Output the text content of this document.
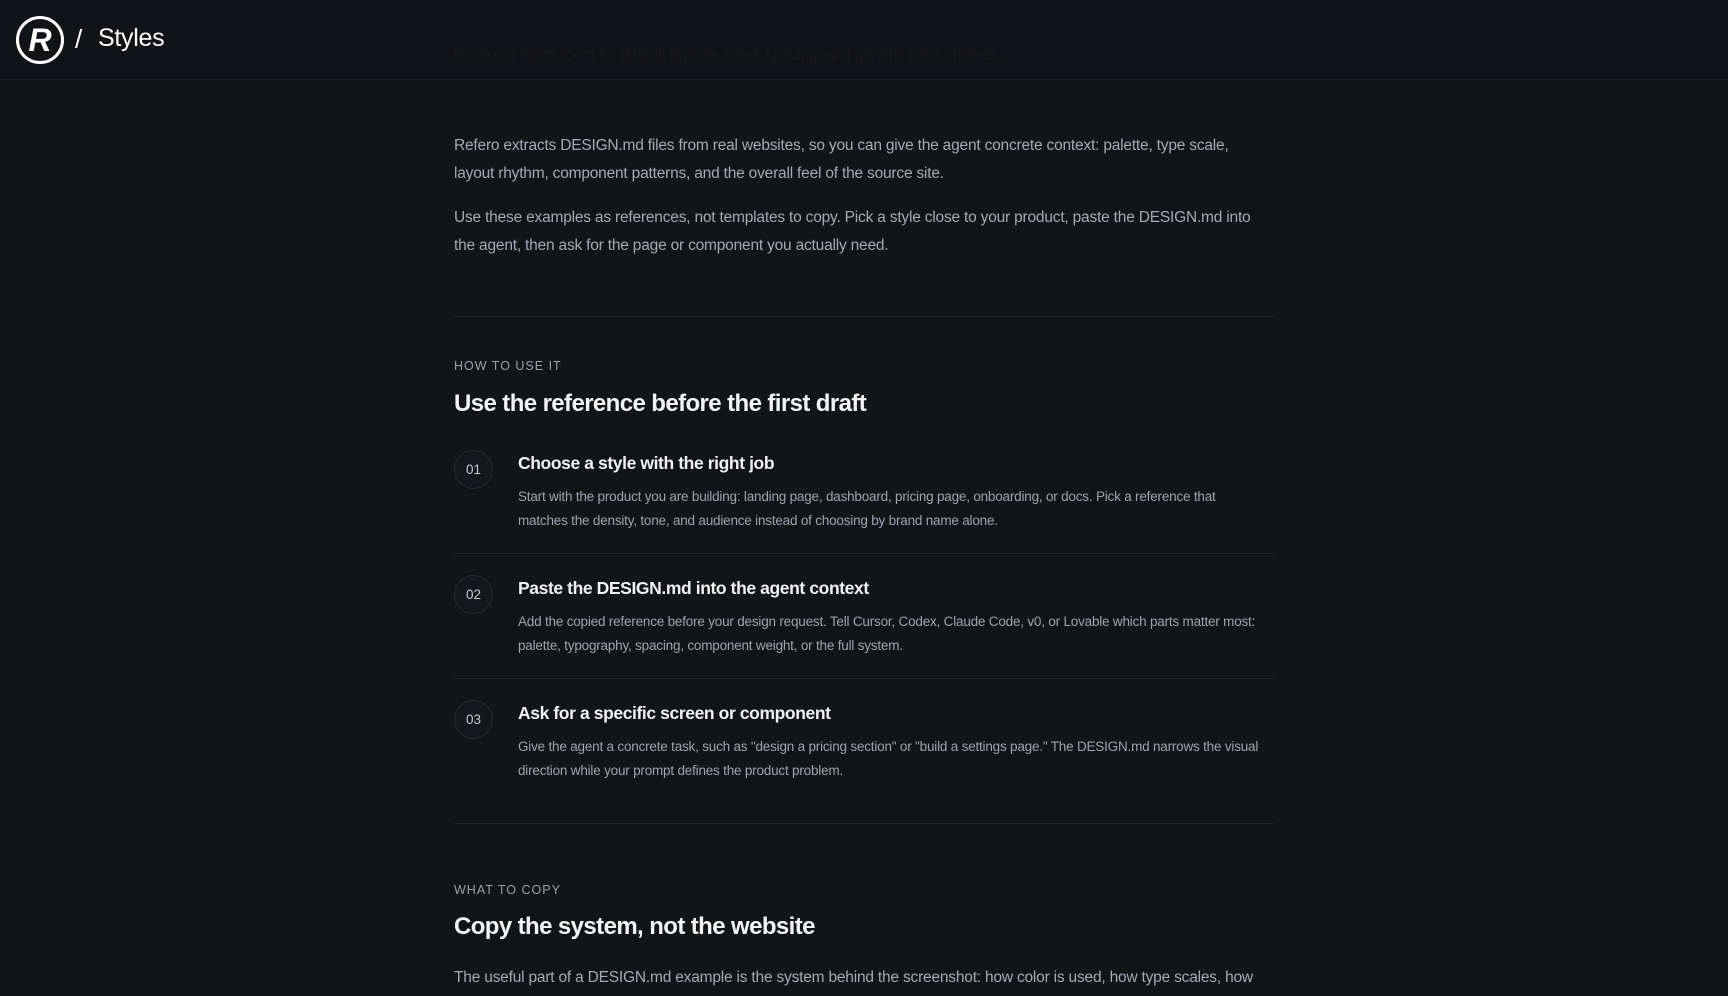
R / Styles

Refero extracts DESIGN.md files from real websites, so you can give the agent concrete context: palette, type scale, layout rhythm, component patterns, and the overall feel of the source site.

Use these examples as references, not templates to copy. Pick a style close to your product, paste the DESIGN.md into the agent, then ask for the page or component you actually need.

HOW TO USE IT
Use the reference before the first draft
01	Choose a style with the right job

Start with the product you are building: landing page, dashboard, pricing page, onboarding, or docs. Pick a reference that matches the density, tone, and audience instead of choosing by brand name alone.

02	Paste the DESIGN.md into the agent context

Add the copied reference before your design request. Tell Cursor, Codex, Claude Code, v0, or Lovable which parts matter most: palette, typography, spacing, component weight, or the full system.

03	Ask for a specific screen or component

Give the agent a concrete task, such as "design a pricing section" or "build a settings page." The DESIGN.md narrows the visual direction while your prompt defines the product problem.

WHAT TO COPY
Copy the system, not the website

The useful part of a DESIGN.md example is the system behind the screenshot: how color is used, how type scales, how
